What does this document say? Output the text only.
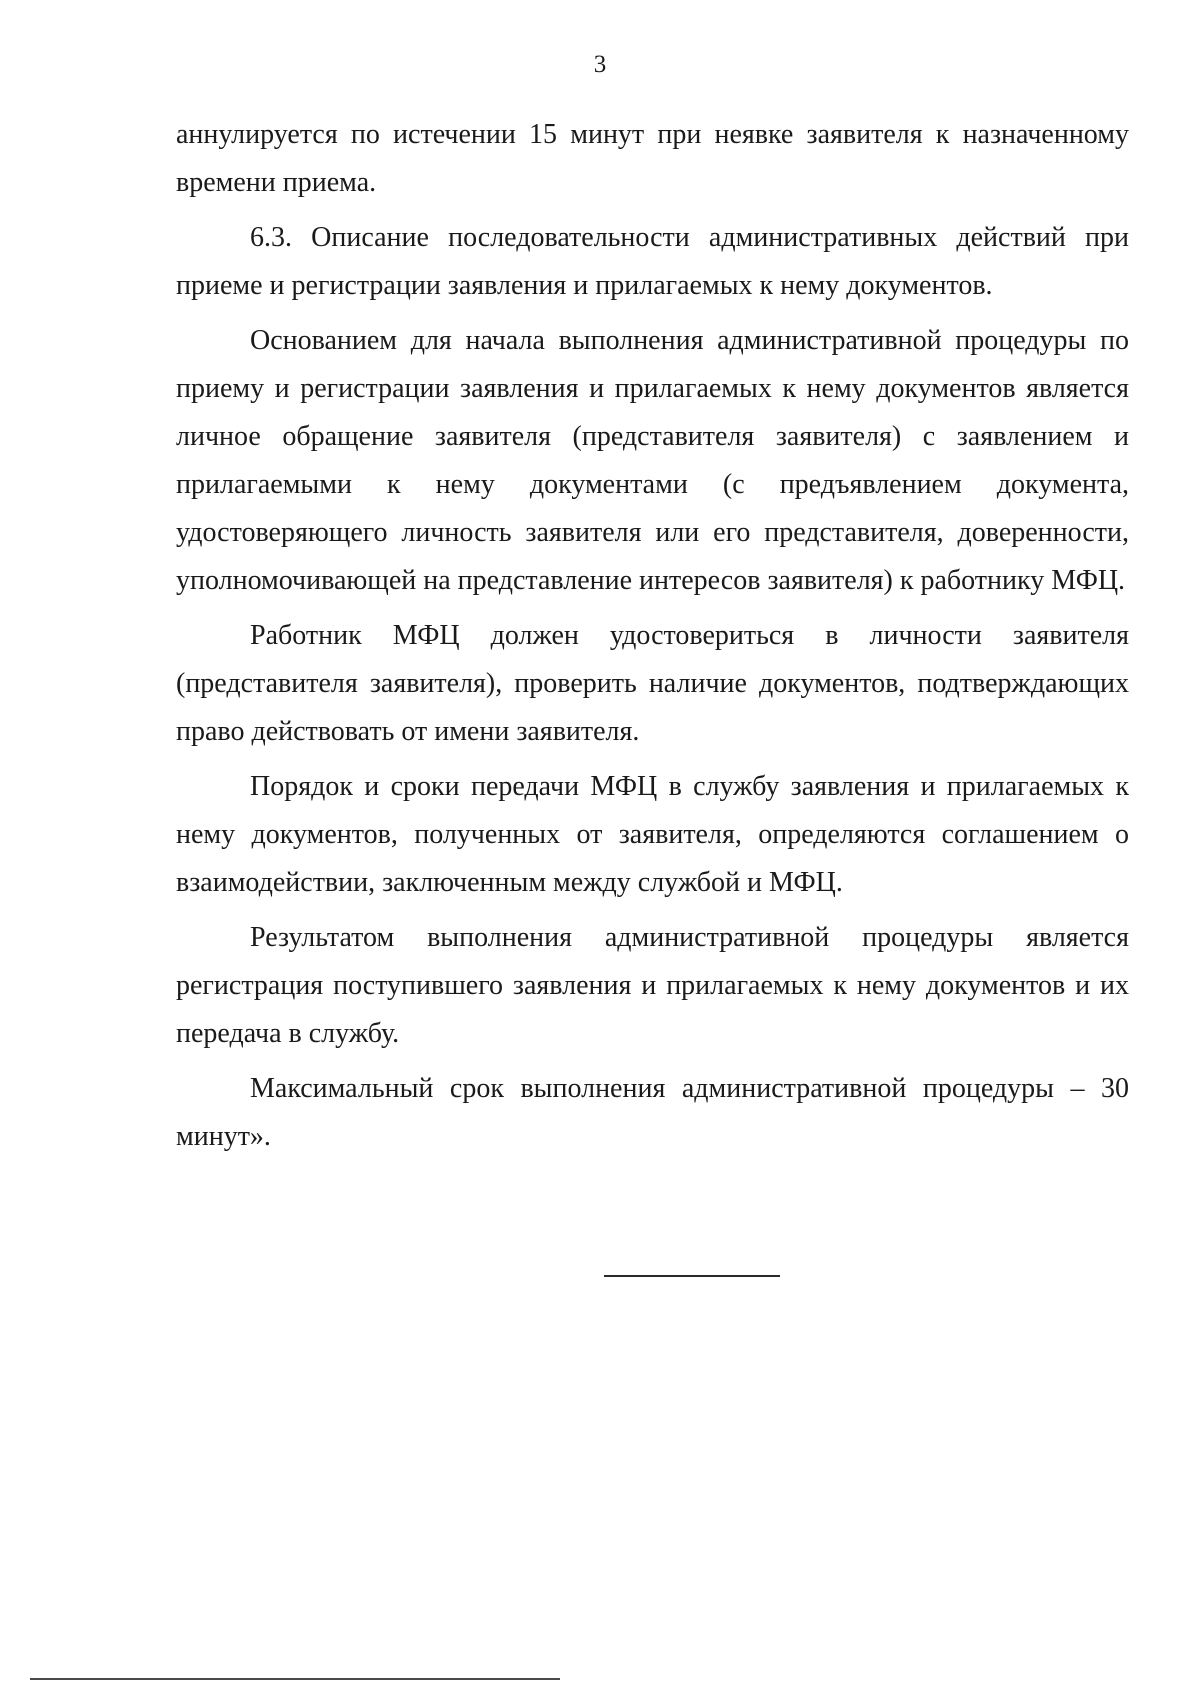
3

аннулируется по истечении 15 минут при неявке заявителя к назначенному времени приема.

6.3. Описание последовательности административных действий при приеме и регистрации заявления и прилагаемых к нему документов.

Основанием для начала выполнения административной процедуры по приему и регистрации заявления и прилагаемых к нему документов является личное обращение заявителя (представителя заявителя) с заявлением и прилагаемыми к нему документами (с предъявлением документа, удостоверяющего личность заявителя или его представителя, доверенности, уполномочивающей на представление интересов заявителя) к работнику МФЦ.

Работник МФЦ должен удостовериться в личности заявителя (представителя заявителя), проверить наличие документов, подтверждающих право действовать от имени заявителя.

Порядок и сроки передачи МФЦ в службу заявления и прилагаемых к нему документов, полученных от заявителя, определяются соглашением о взаимодействии, заключенным между службой и МФЦ.

Результатом выполнения административной процедуры является регистрация поступившего заявления и прилагаемых к нему документов и их передача в службу.

Максимальный срок выполнения административной процедуры – 30 минут».
